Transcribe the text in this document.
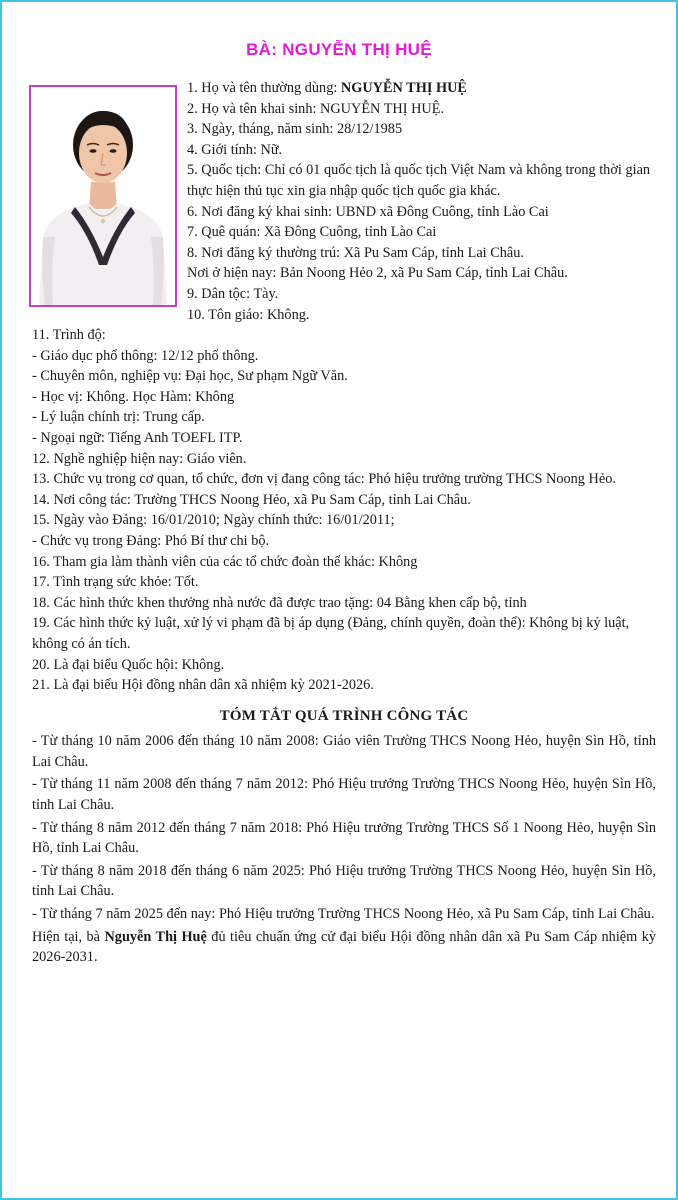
BÀ: NGUYỄN THỊ HUỆ
1. Họ và tên thường dùng: NGUYỄN THỊ HUỆ
2. Họ và tên khai sinh: NGUYỄN THỊ HUỆ.
3. Ngày, tháng, năm sinh: 28/12/1985
4. Giới tính: Nữ.
5. Quốc tịch: Chỉ có 01 quốc tịch là quốc tịch Việt Nam và không trong thời gian thực hiện thủ tục xin gia nhập quốc tịch quốc gia khác.
6. Nơi đăng ký khai sinh: UBND xã Đông Cuông, tỉnh Lào Cai
7. Quê quán: Xã Đông Cuông, tỉnh Lào Cai
8. Nơi đăng ký thường trú: Xã Pu Sam Cáp, tỉnh Lai Châu.
Nơi ở hiện nay: Bản Noong Hẻo 2, xã Pu Sam Cáp, tỉnh Lai Châu.
9. Dân tộc: Tày.
10. Tôn giáo: Không.
11. Trình độ:
- Giáo dục phổ thông: 12/12 phổ thông.
- Chuyên môn, nghiệp vụ: Đại học, Sư phạm Ngữ Văn.
- Học vị: Không. Học Hàm: Không
- Lý luận chính trị: Trung cấp.
- Ngoại ngữ: Tiếng Anh TOEFL ITP.
12. Nghề nghiệp hiện nay: Giáo viên.
13. Chức vụ trong cơ quan, tổ chức, đơn vị đang công tác: Phó hiệu trưởng trường THCS Noong Hẻo.
14. Nơi công tác: Trường THCS Noong Hẻo, xã Pu Sam Cáp, tỉnh Lai Châu.
15. Ngày vào Đảng: 16/01/2010; Ngày chính thức: 16/01/2011;
- Chức vụ trong Đảng: Phó Bí thư chi bộ.
16. Tham gia làm thành viên của các tổ chức đoàn thể khác: Không
17. Tình trạng sức khỏe: Tốt.
18. Các hình thức khen thưởng nhà nước đã được trao tặng: 04 Bằng khen cấp bộ, tỉnh
19. Các hình thức kỷ luật, xử lý vi phạm đã bị áp dụng (Đảng, chính quyền, đoàn thể): Không bị kỷ luật, không có án tích.
20. Là đại biểu Quốc hội: Không.
21. Là đại biểu Hội đồng nhân dân xã nhiệm kỳ 2021-2026.
TÓM TẮT QUÁ TRÌNH CÔNG TÁC
- Từ tháng 10 năm 2006 đến tháng 10 năm 2008: Giáo viên Trường THCS Noong Hẻo, huyện Sìn Hồ, tỉnh Lai Châu.
- Từ tháng 11 năm 2008 đến tháng 7 năm 2012: Phó Hiệu trưởng Trường THCS Noong Hẻo, huyện Sìn Hồ, tỉnh Lai Châu.
- Từ tháng 8 năm 2012 đến tháng 7 năm 2018: Phó Hiệu trưởng Trường THCS Số 1 Noong Hẻo, huyện Sìn Hồ, tỉnh Lai Châu.
- Từ tháng 8 năm 2018 đến tháng 6 năm 2025: Phó Hiệu trưởng Trường THCS Noong Hẻo, huyện Sìn Hồ, tỉnh Lai Châu.
- Từ tháng 7 năm 2025 đến nay: Phó Hiệu trưởng Trường THCS Noong Hẻo, xã Pu Sam Cáp, tỉnh Lai Châu.
Hiện tại, bà Nguyễn Thị Huệ đủ tiêu chuẩn ứng cử đại biểu Hội đồng nhân dân xã Pu Sam Cáp nhiệm kỳ 2026-2031.
